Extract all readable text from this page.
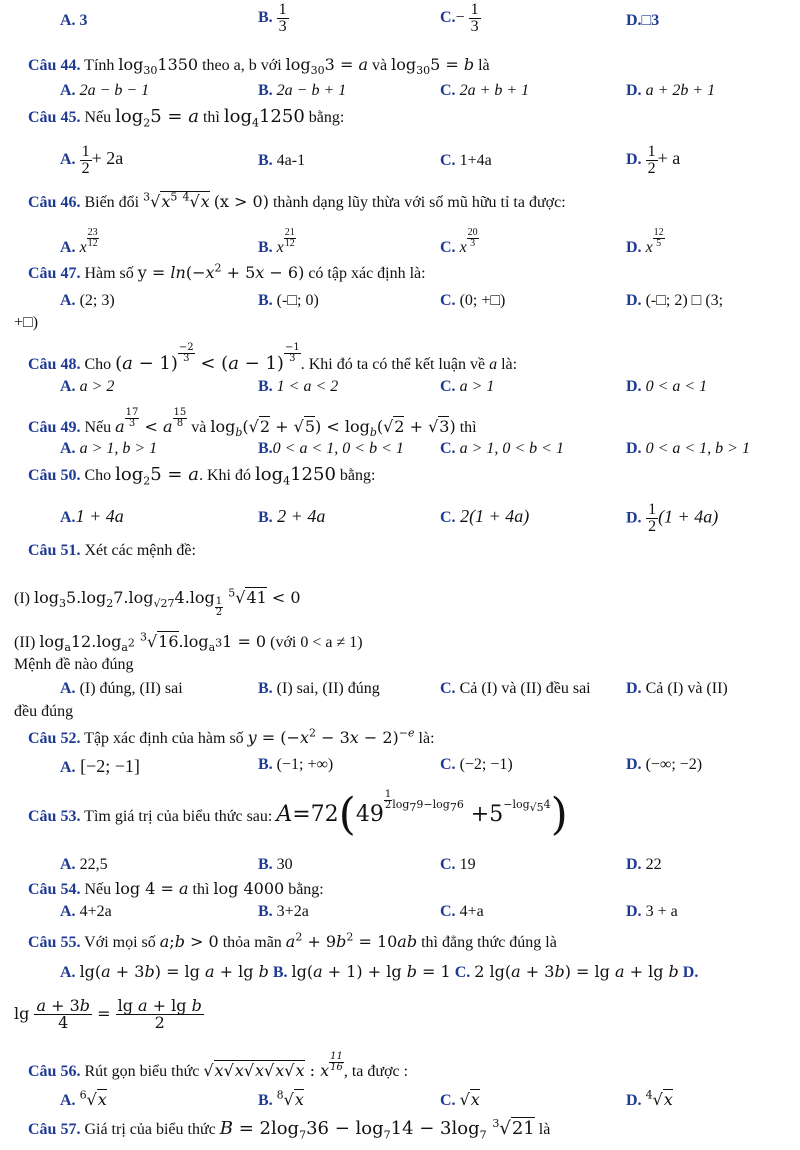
A. 3	B. $\frac{1}{3}$	$C.- \frac{1}{3}$	D.□3
Câu 44. Tính $\log_{30}1350$ theo a, b với $\log_{30}3 = a$ và $\log_{30}5 = b$ là
A. 2a − b − 1	B. 2a − b + 1	C. 2a + b + 1	D. a + 2b + 1
Câu 45. Nếu $\log_25 = a$ thì $\log_41250$ bằng:
A. $\frac{1}{2} + 2a$	B. 4a-1	C. 1+4a	D. $\frac{1}{2} + a$
Câu 46. Biến đổi $^3√x^5$ $^4$√x (x > 0) thành dạng lũy thừa với số mũ hữu tỉ ta được:
A. x $\frac{23}{12}$	B. x $\frac{21}{12}$	C. x $\frac{20}{3}$	D. x $\frac{12}{5}$
Câu 47. Hàm số $y = \ln(-x^2 + 5x - 6)$ có tập xác định là:
A. (2; 3)	B. (-□; 0)	C. (0; +□)	D. (-□; 2) □ (3;
+□)
Câu 48. Cho $(a - 1) \frac{-2}{3} < (a - 1) \frac{-1}{3}$
. Khi đó ta có thể kết luận về a là:
A. a > 2	B. 1 < a < 2	C. a > 1	D. 0 < a < 1
Câu 49. Nếu a $\frac{17}{3} < a \frac{15}{8}$ và $\log_b(√2 + √5) < \log_b(√2 + √3)$ thì
A. a > 1, b > 1	B.0 < a < 1, 0 < b < 1 C. a > 1, 0 < b < 1	D. 0 < a < 1, b > 1
Câu 50. Cho $\log_25 = a$. Khi đó $\log_41250$ bằng:
A.1 + 4a	B. 2 + 4a	C. 2(1 + 4a)	D. $\frac{1}{2} (1 + 4a)$
Câu 51. Xét các mệnh đề:
(I) $\log_35.\log_27.\log_{√27}4.\log$ $_{\frac{1}{2}}$
$^5$√41 < 0
(II) $\log_a12.\log_{a^2}$ $^3√16.\log_{a^3}1 = 0$ (với 0 < a ≠ 1)
Mệnh đề nào đúng
A. (I) đúng, (II) sai	B. (I) sai, (II) đúng	C. Cả (I) và (II) đều sai D. Cả (I) và (II)
đều đúng
Câu 52. Tập xác định của hàm số $y = (-x^2 - 3x - 2)^{-e}$ là:
A. [−2; −1]	B. (−1; +∞)	C. (−2; −1)	D. (−∞; −2)
Câu 53. Tìm giá trị của biểu thức sau: A=72(49
$^{\frac{1}{2} log_79-log_76} +5^{-log_{√5}4}$)
A. 22,5	B. 30	C. 19	D. 22
Câu 54. Nếu log 4 = a thì log 4000 bằng:
A. 4+2a	B. 3+2a	C. 4+a	D. 3 + a
Câu 55. Với mọi số a;b > 0 thỏa mãn $a^2 + 9b^2 = 10ab$ thì đẳng thức đúng là
A. lg(a + 3b) = lg a + lg b B. lg(a + 1) + lg b = 1 C. 2 lg(a + 3b) = lg a + lg b D.
$\lg \frac{a + 3b}{4} = \frac{\text{lg a + lg b}}{2}$
Câu 56. Rút gọn biểu thức √x√x√x√x√x : x $\frac{11}{16}$ , ta được :
A. $^6$√x	B. $^8$√x	C. √x	D. $^4$√x
Câu 57. Giá trị của biểu thức $B = 2\log_736 - \log_714 - 3\log_7$ $^3$√21 là
